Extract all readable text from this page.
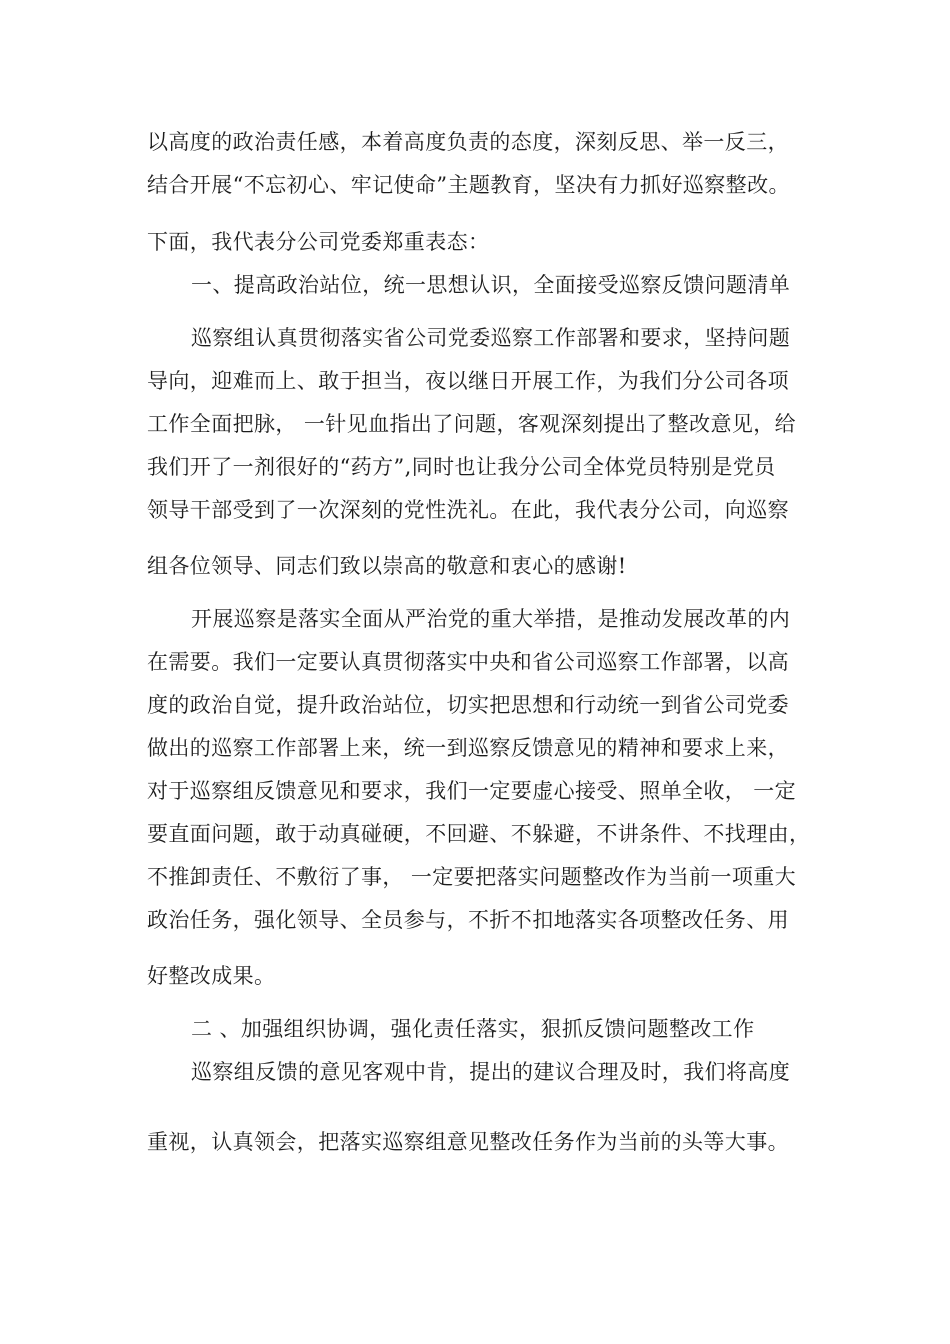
以高度的政治责任感，本着高度负责的态度，深刻反思、举一反三，
结合开展“不忘初心、牢记使命”主题教育，坚决有力抓好巡察整改。
下面，我代表分公司党委郑重表态：
一、提高政治站位，统一思想认识，全面接受巡察反馈问题清单
巡察组认真贯彻落实省公司党委巡察工作部署和要求，坚持问题
导向，迎难而上、敢于担当，夜以继日开展工作，为我们分公司各项
工作全面把脉， 一针见血指出了问题，客观深刻提出了整改意见，给
我们开了一剂很好的“药方”,同时也让我分公司全体党员特别是党员
领导干部受到了一次深刻的党性洗礼。在此，我代表分公司，向巡察
组各位领导、同志们致以崇高的敬意和衷心的感谢!
开展巡察是落实全面从严治党的重大举措，是推动发展改革的内
在需要。我们一定要认真贯彻落实中央和省公司巡察工作部署，以高
度的政治自觉，提升政治站位，切实把思想和行动统一到省公司党委
做出的巡察工作部署上来，统一到巡察反馈意见的精神和要求上来，
对于巡察组反馈意见和要求，我们一定要虚心接受、照单全收， 一定
要直面问题，敢于动真碰硬，不回避、不躲避，不讲条件、不找理由，
不推卸责任、不敷衍了事， 一定要把落实问题整改作为当前一项重大
政治任务，强化领导、全员参与，不折不扣地落实各项整改任务、用
好整改成果。
二 、加强组织协调，强化责任落实，狠抓反馈问题整改工作
巡察组反馈的意见客观中肯，提出的建议合理及时，我们将高度
重视，认真领会，把落实巡察组意见整改任务作为当前的头等大事。
